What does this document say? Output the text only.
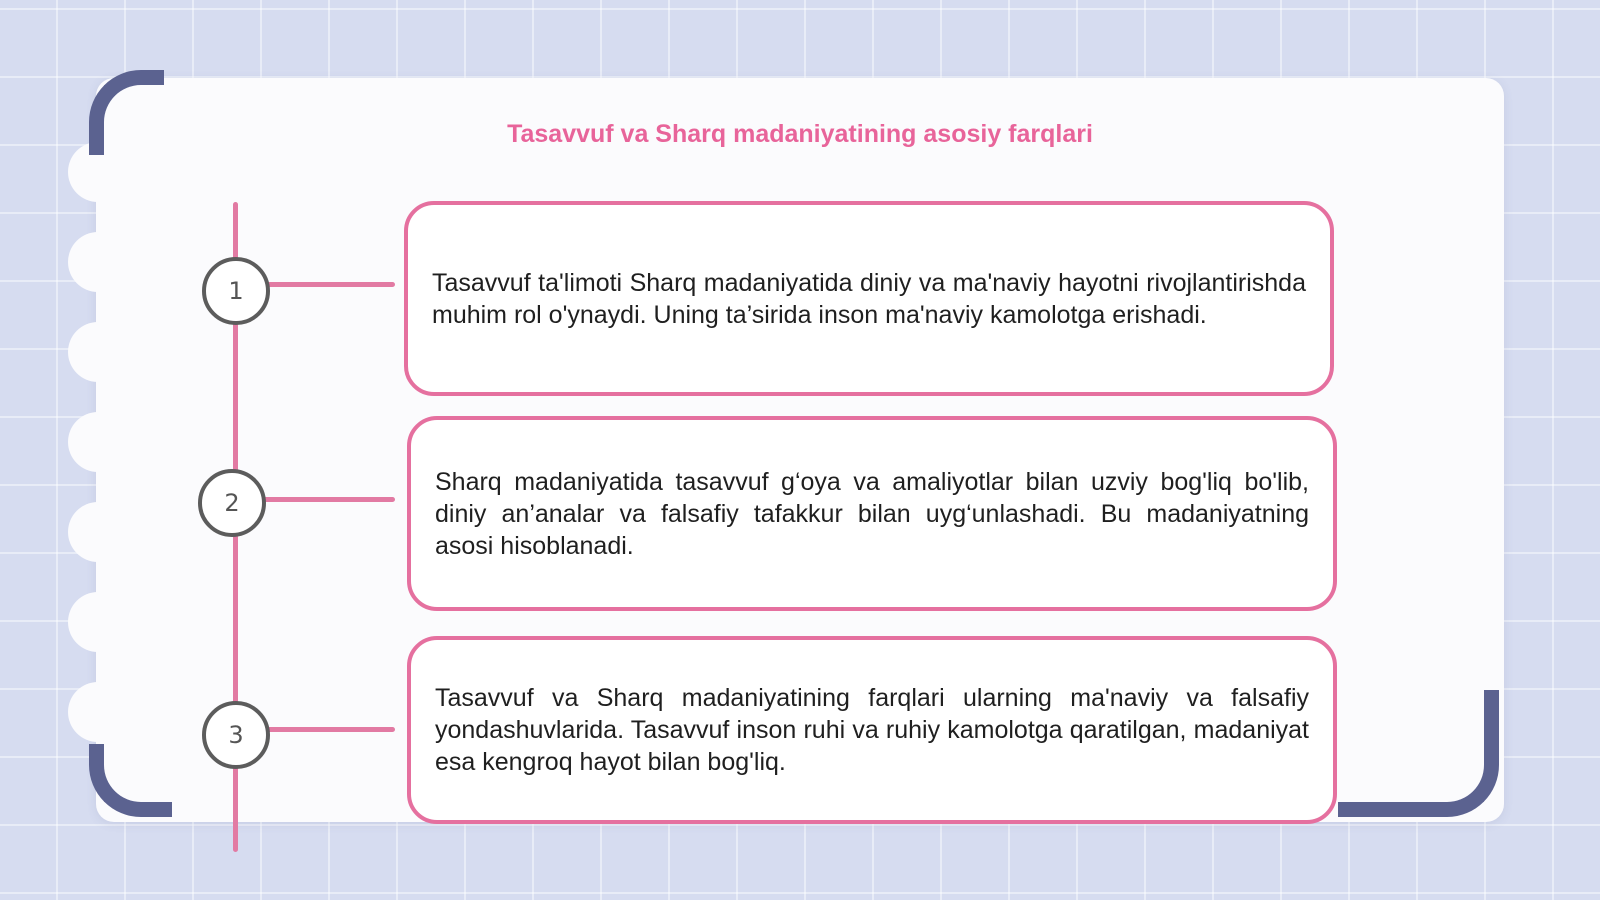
Tasavvuf va Sharq madaniyatining asosiy farqlari
1
2
3

Tasavvuf ta'limoti Sharq madaniyatida diniy va ma'naviy hayotni rivojlantirishda muhim rol o'ynaydi. Uning ta’sirida inson ma'naviy kamolotga erishadi.

Sharq madaniyatida tasavvuf g‘oya va amaliyotlar bilan uzviy bog'liq bo'lib, diniy an’analar va falsafiy tafakkur bilan uyg‘unlashadi. Bu madaniyatning asosi hisoblanadi.

Tasavvuf va Sharq madaniyatining farqlari ularning ma'naviy va falsafiy yondashuvlarida. Tasavvuf inson ruhi va ruhiy kamolotga qaratilgan, madaniyat esa kengroq hayot bilan bog'liq.
